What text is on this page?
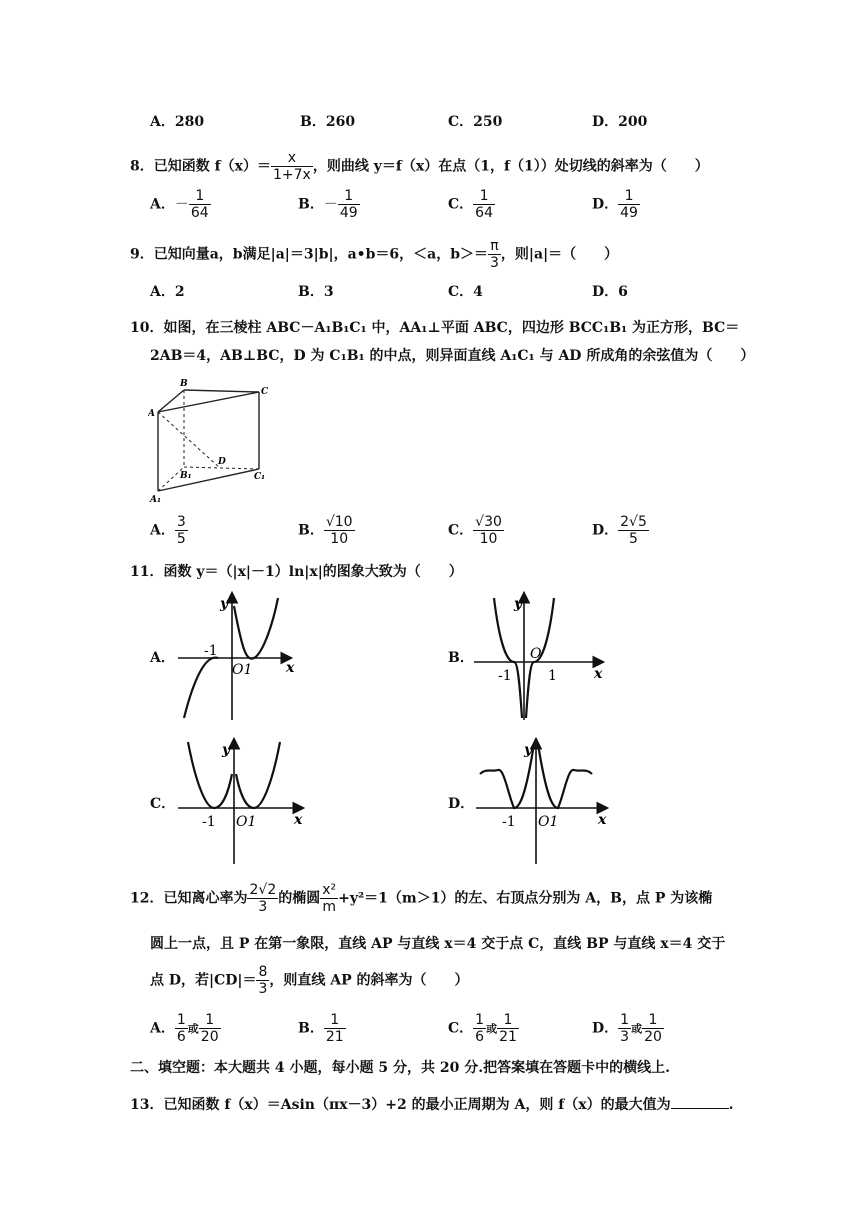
A．280	B．260	C．250	D．200
8．已知函数 $f(x)= \frac{x}{1+7x}$ ，则曲线 y＝f（x）在点（1，f（1））处切线的斜率为（　　）
A．－ $\frac{1}{64}$	B．－ $\frac{1}{49}$	C． $\frac{1}{64}$	D． $\frac{1}{49}$
9．已知向量a，b满足|a|＝3|b|，a•b＝6，＜a，$b>= \frac{\pi}{3}$ ，则|a|＝（　　）
A．2	B．3	C．4	D．6
10．如图，在三棱柱 ABC－A₁B₁C₁ 中，AA₁⊥平面 ABC，四边形 BCC₁B₁ 为正方形，BC＝
2AB＝4，AB⊥BC，D 为 C₁B₁ 的中点，则异面直线 A₁C₁ 与 AD 所成角的余弦值为（　　）
B
C
A
D
B₁	C₁
A₁
A． $\frac{3}{5}$	B． $\frac{√10}{10}$	C． $\frac{√30}{10}$	D． $\frac{2√5}{5}$
11．函数 y＝（|x|－1）ln|x|的图象大致为（　　）
A．	B．
C．	D．
y
x
-1
O1
y
x
O
-1	1
y
x
-1 O1
y
x
-1 O1
12．已知离心率为 $\frac{2√2}{3}$ 的椭圆 $\frac{\text{x²}}{m} +y^2=1(m>1)$的左、右顶点分别为 A，B，点 P 为该椭
圆上一点，且 P 在第一象限，直线 AP 与直线 x＝4 交于点 C，直线 BP 与直线 x＝4 交于
点 D，若$|CD|= \frac{8}{3}$ ，则直线 AP 的斜率为（　　）
A． $\frac{1}{6}$ 或 $\frac{1}{20}$	B． $\frac{1}{21}$	C． $\frac{1}{6}$ 或 $\frac{1}{21}$	D． $\frac{1}{3}$ 或 $\frac{1}{20}$
二、填空题：本大题共 4 小题，每小题 5 分，共 20 分.把答案填在答题卡中的横线上.
13．已知函数 f（x）＝Asin（πx－3）+2 的最小正周期为 A，则 f（x）的最大值为	.
